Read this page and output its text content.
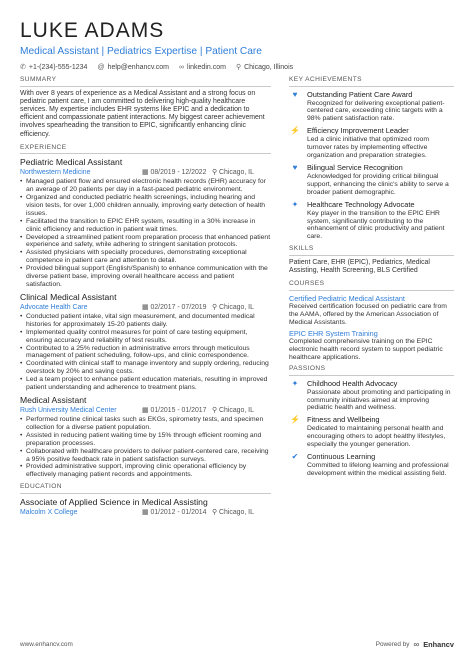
LUKE ADAMS
Medical Assistant | Pediatrics Expertise | Patient Care
✆ +1-(234)-555-1234 @ help@enhancv.com ∞ linkedin.com ⚲ Chicago, Illinois
SUMMARY
With over 8 years of experience as a Medical Assistant and a strong focus on pediatric patient care, I am committed to delivering high-quality healthcare services. My expertise includes EHR systems like EPIC and a dedication to efficient and compassionate patient interactions. My biggest career achievement involves spearheading the transition to EPIC, significantly enhancing clinic efficiency.
EXPERIENCE
Pediatric Medical Assistant
Northwestern Medicine	▦ 08/2019 - 12/2022 ⚲ Chicago, IL
• Managed patient flow and ensured electronic health records (EHR) accuracy for an average of 20 patients per day in a fast-paced pediatric environment.
• Organized and conducted pediatric health screenings, including hearing and vision tests, for over 1,000 children annually, improving early detection of health issues.
• Facilitated the transition to EPIC EHR system, resulting in a 30% increase in clinic efficiency and reduction in patient wait times.
• Developed a streamlined patient room preparation process that enhanced patient experience and safety, while adhering to stringent sanitation protocols.
• Assisted physicians with specialty procedures, demonstrating exceptional competence in patient care and attention to detail.
• Provided bilingual support (English/Spanish) to enhance communication with the diverse patient base, improving overall healthcare access and patient satisfaction.
Clinical Medical Assistant
Advocate Health Care	▦ 02/2017 - 07/2019 ⚲ Chicago, IL
• Conducted patient intake, vital sign measurement, and documented medical histories for approximately 15-20 patients daily.
• Implemented quality control measures for point of care testing equipment, ensuring accuracy and reliability of test results.
• Contributed to a 25% reduction in administrative errors through meticulous management of patient scheduling, follow-ups, and clinic correspondence.
• Coordinated with clinical staff to manage inventory and supply ordering, reducing overstock by 20% and saving costs.
• Led a team project to enhance patient education materials, resulting in improved patient understanding and adherence to treatment plans.
Medical Assistant
Rush University Medical Center	▦ 01/2015 - 01/2017 ⚲ Chicago, IL
• Performed routine clinical tasks such as EKGs, spirometry tests, and specimen collection for a diverse patient population.
• Assisted in reducing patient waiting time by 15% through efficient rooming and preparation processes.
• Collaborated with healthcare providers to deliver patient-centered care, receiving a 95% positive feedback rate in patient satisfaction surveys.
• Provided administrative support, improving clinic operational efficiency by effectively managing patient records and appointments.
EDUCATION
Associate of Applied Science in Medical Assisting
Malcolm X College	▦ 01/2012 - 01/2014 ⚲ Chicago, IL
KEY ACHIEVEMENTS
♥	Outstanding Patient Care Award
Recognized for delivering exceptional patient-centered care, exceeding clinic targets with a 98% patient satisfaction rate.
⚡ Efficiency Improvement Leader
Led a clinic initiative that optimized room turnover rates by implementing effective organization and preparation strategies.
♥	Bilingual Service Recognition
Acknowledged for providing critical bilingual support, enhancing the clinic's ability to serve a broader patient demographic.
✦	Healthcare Technology Advocate
Key player in the transition to the EPIC EHR system, significantly contributing to the enhancement of clinic productivity and patient care.
SKILLS
Patient Care, EHR (EPIC), Pediatrics, Medical Assisting, Health Screening, BLS Certified
COURSES
Certified Pediatric Medical Assistant
Received certification focused on pediatric care from the AAMA, offered by the American Association of Medical Assistants.
EPIC EHR System Training
Completed comprehensive training on the EPIC electronic health record system to support pediatric healthcare applications.
PASSIONS
✦	Childhood Health Advocacy
Passionate about promoting and participating in community initiatives aimed at improving pediatric health and wellness.
⚡ Fitness and Wellbeing
Dedicated to maintaining personal health and encouraging others to adopt healthy lifestyles, especially the younger generation.
✔	Continuous Learning
Committed to lifelong learning and professional development within the medical assisting field.
www.enhancv.com	Powered by ∞ Enhancv
